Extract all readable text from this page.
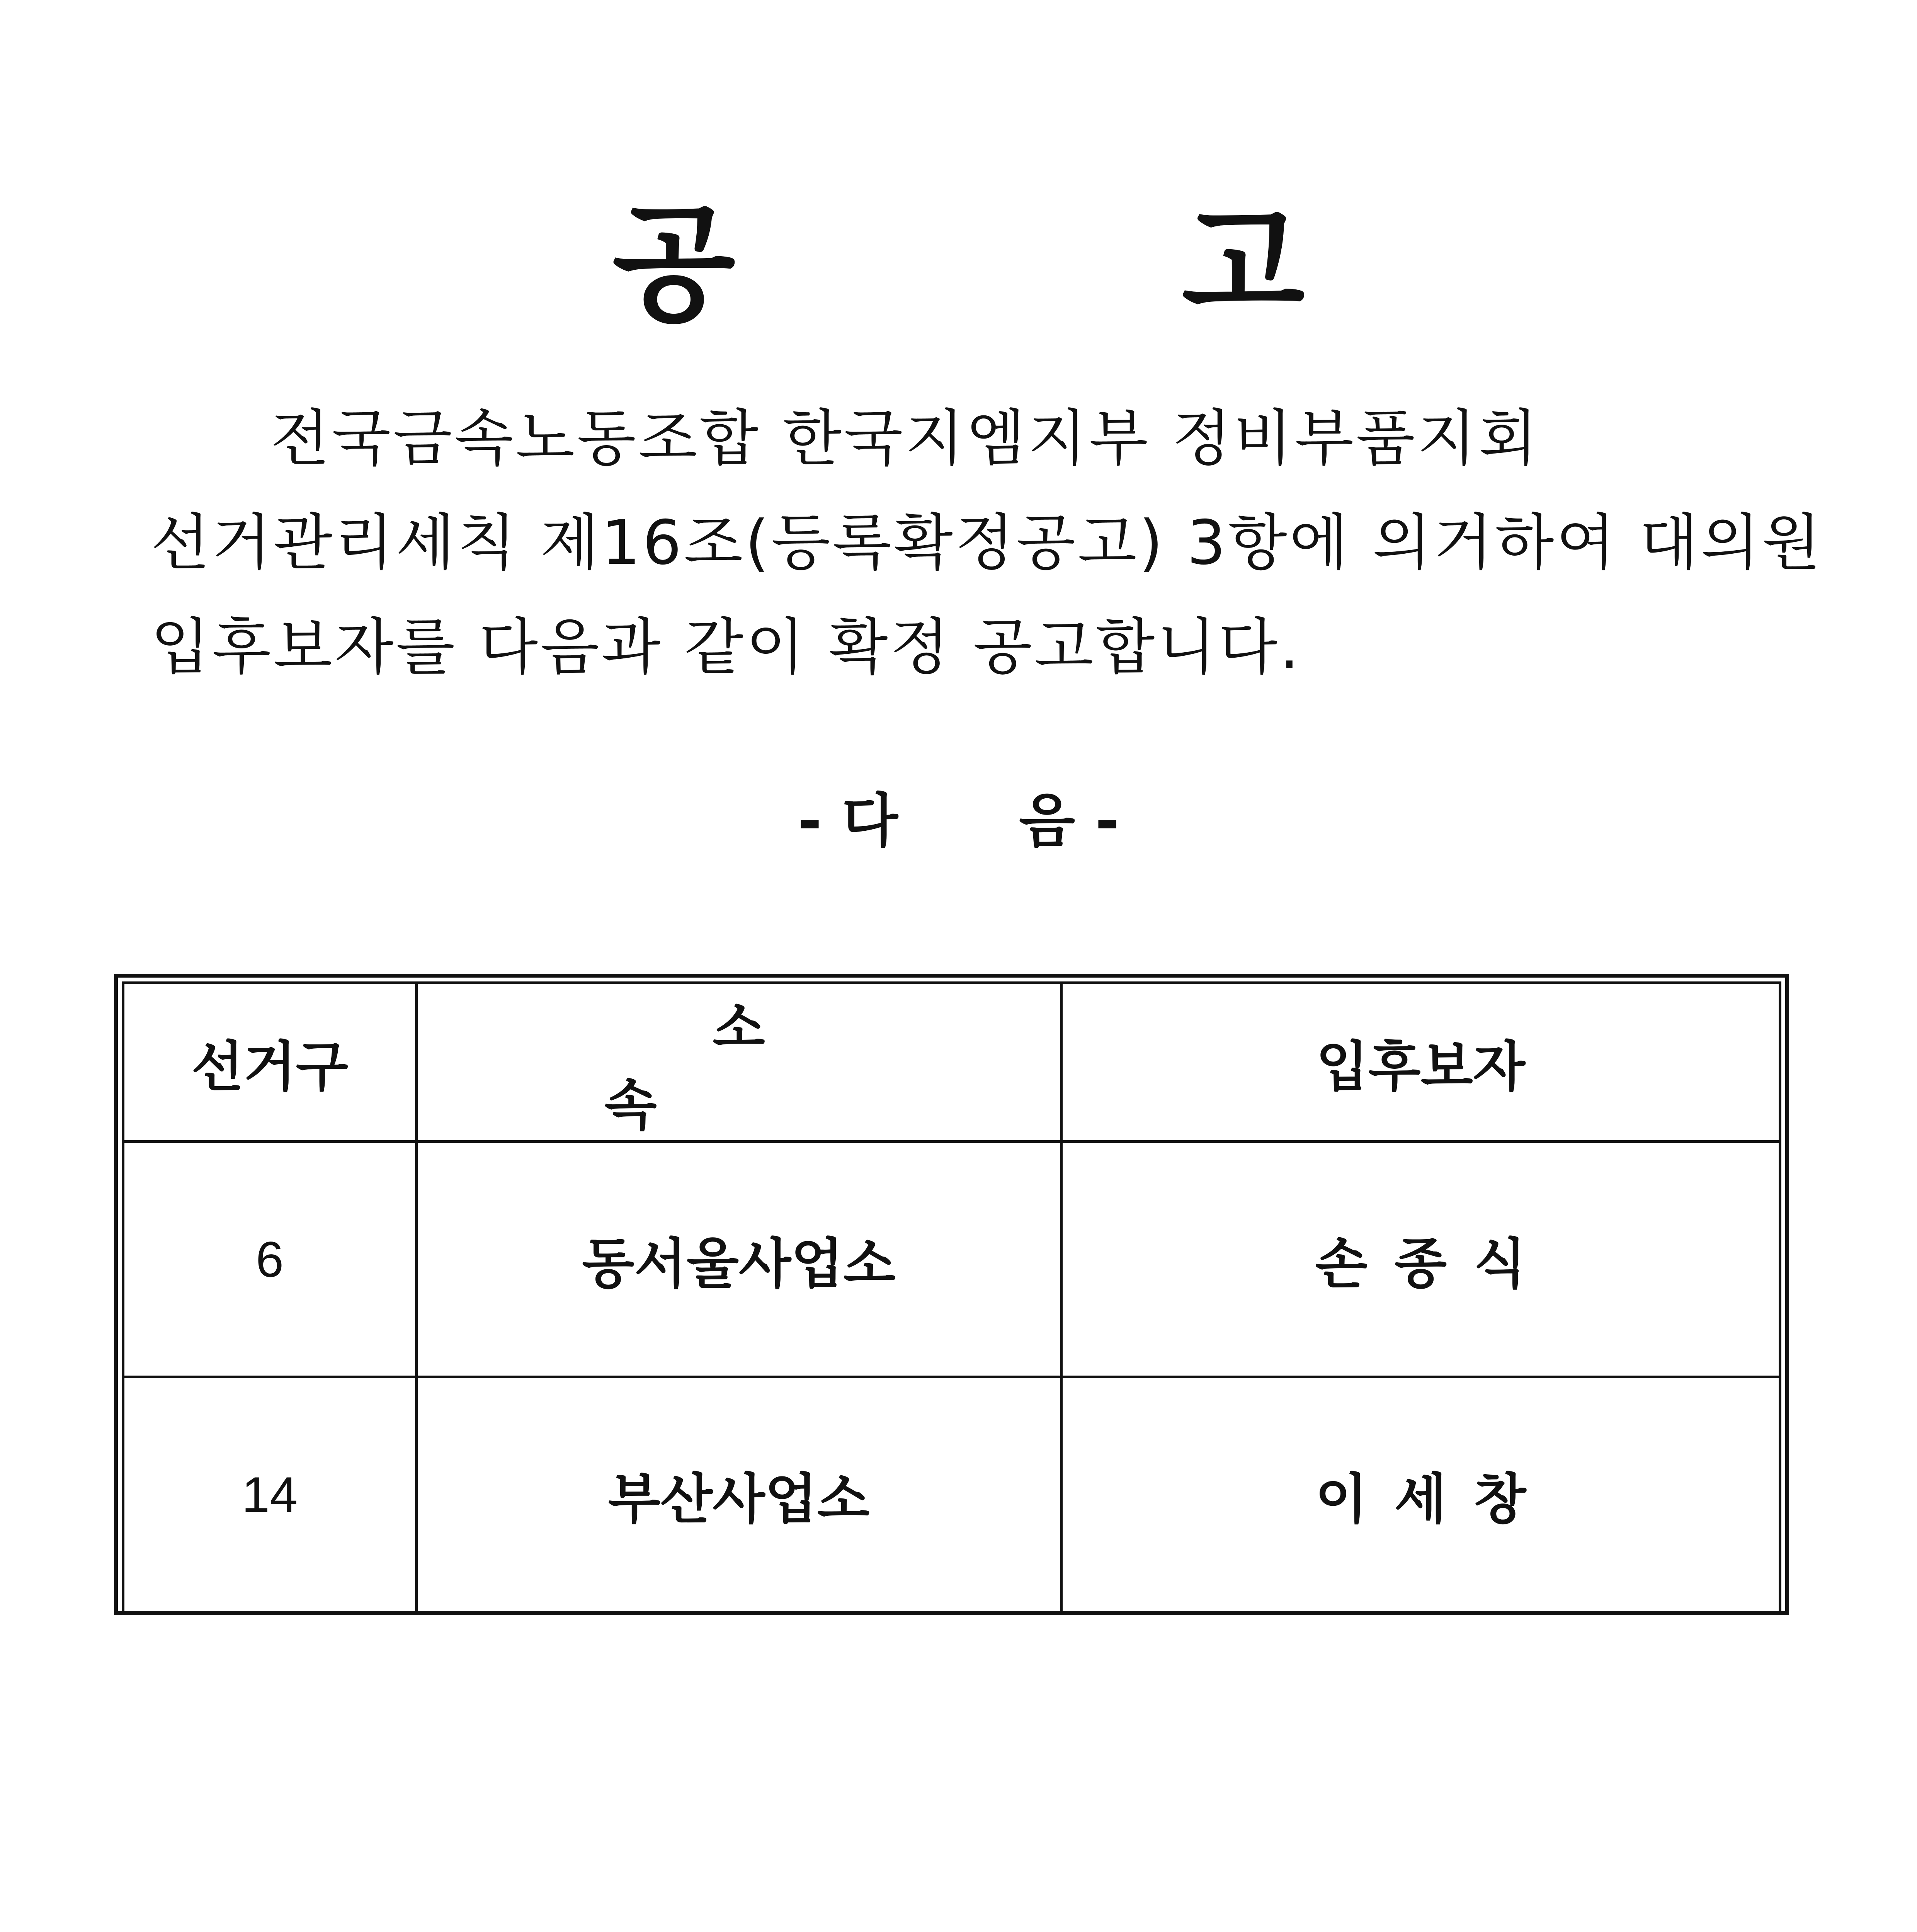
공 고

전국금속노동조합 한국지엠지부 정비부품지회

선거관리세칙 제16조(등록확정공고) 3항에 의거하여 대의원

입후보자를 다음과 같이 확정 공고합니다.

- 다      음 -
선거구	소속	입후보자
6	동서울사업소	손종식
14	부산사업소	이세창
